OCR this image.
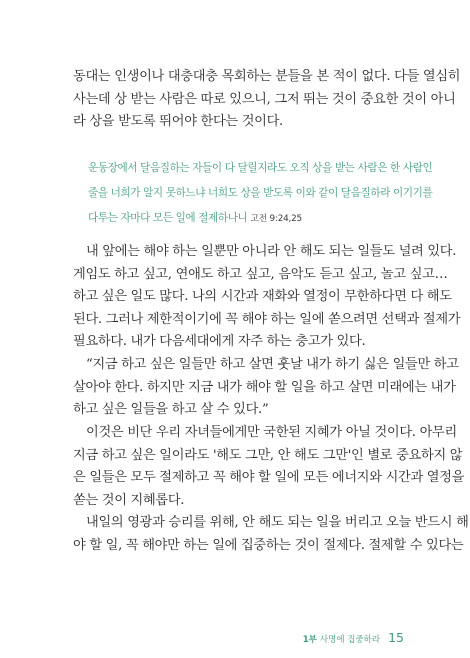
동대는 인생이나 대충대충 목회하는 분들을 본 적이 없다. 다들 열심히
사는데 상 받는 사람은 따로 있으니, 그저 뛰는 것이 중요한 것이 아니
라 상을 받도록 뛰어야 한다는 것이다.
운동장에서 달음질하는 자들이 다 달릴지라도 오직 상을 받는 사람은 한 사람인
줄을 너희가 알지 못하느냐 너희도 상을 받도록 이와 같이 달음질하라 이기기를
다투는 자마다 모든 일에 절제하나니 고전 9:24,25
내 앞에는 해야 하는 일뿐만 아니라 안 해도 되는 일들도 널려 있다.
게임도 하고 싶고, 연애도 하고 싶고, 음악도 듣고 싶고, 놀고 싶고…
하고 싶은 일도 많다. 나의 시간과 재화와 열정이 무한하다면 다 해도
된다. 그러나 제한적이기에 꼭 해야 하는 일에 쏟으려면 선택과 절제가
필요하다. 내가 다음세대에게 자주 하는 충고가 있다.
“지금 하고 싶은 일들만 하고 살면 훗날 내가 하기 싫은 일들만 하고
살아야 한다. 하지만 지금 내가 해야 할 일을 하고 살면 미래에는 내가
하고 싶은 일들을 하고 살 수 있다.”
이것은 비단 우리 자녀들에게만 국한된 지혜가 아닐 것이다. 아무리
지금 하고 싶은 일이라도 '해도 그만, 안 해도 그만'인 별로 중요하지 않
은 일들은 모두 절제하고 꼭 해야 할 일에 모든 에너지와 시간과 열정을
쏟는 것이 지혜롭다.
내일의 영광과 승리를 위해, 안 해도 되는 일을 버리고 오늘 반드시 해
야 할 일, 꼭 해야만 하는 일에 집중하는 것이 절제다. 절제할 수 있다는
1부 사명에 집중하라 15
